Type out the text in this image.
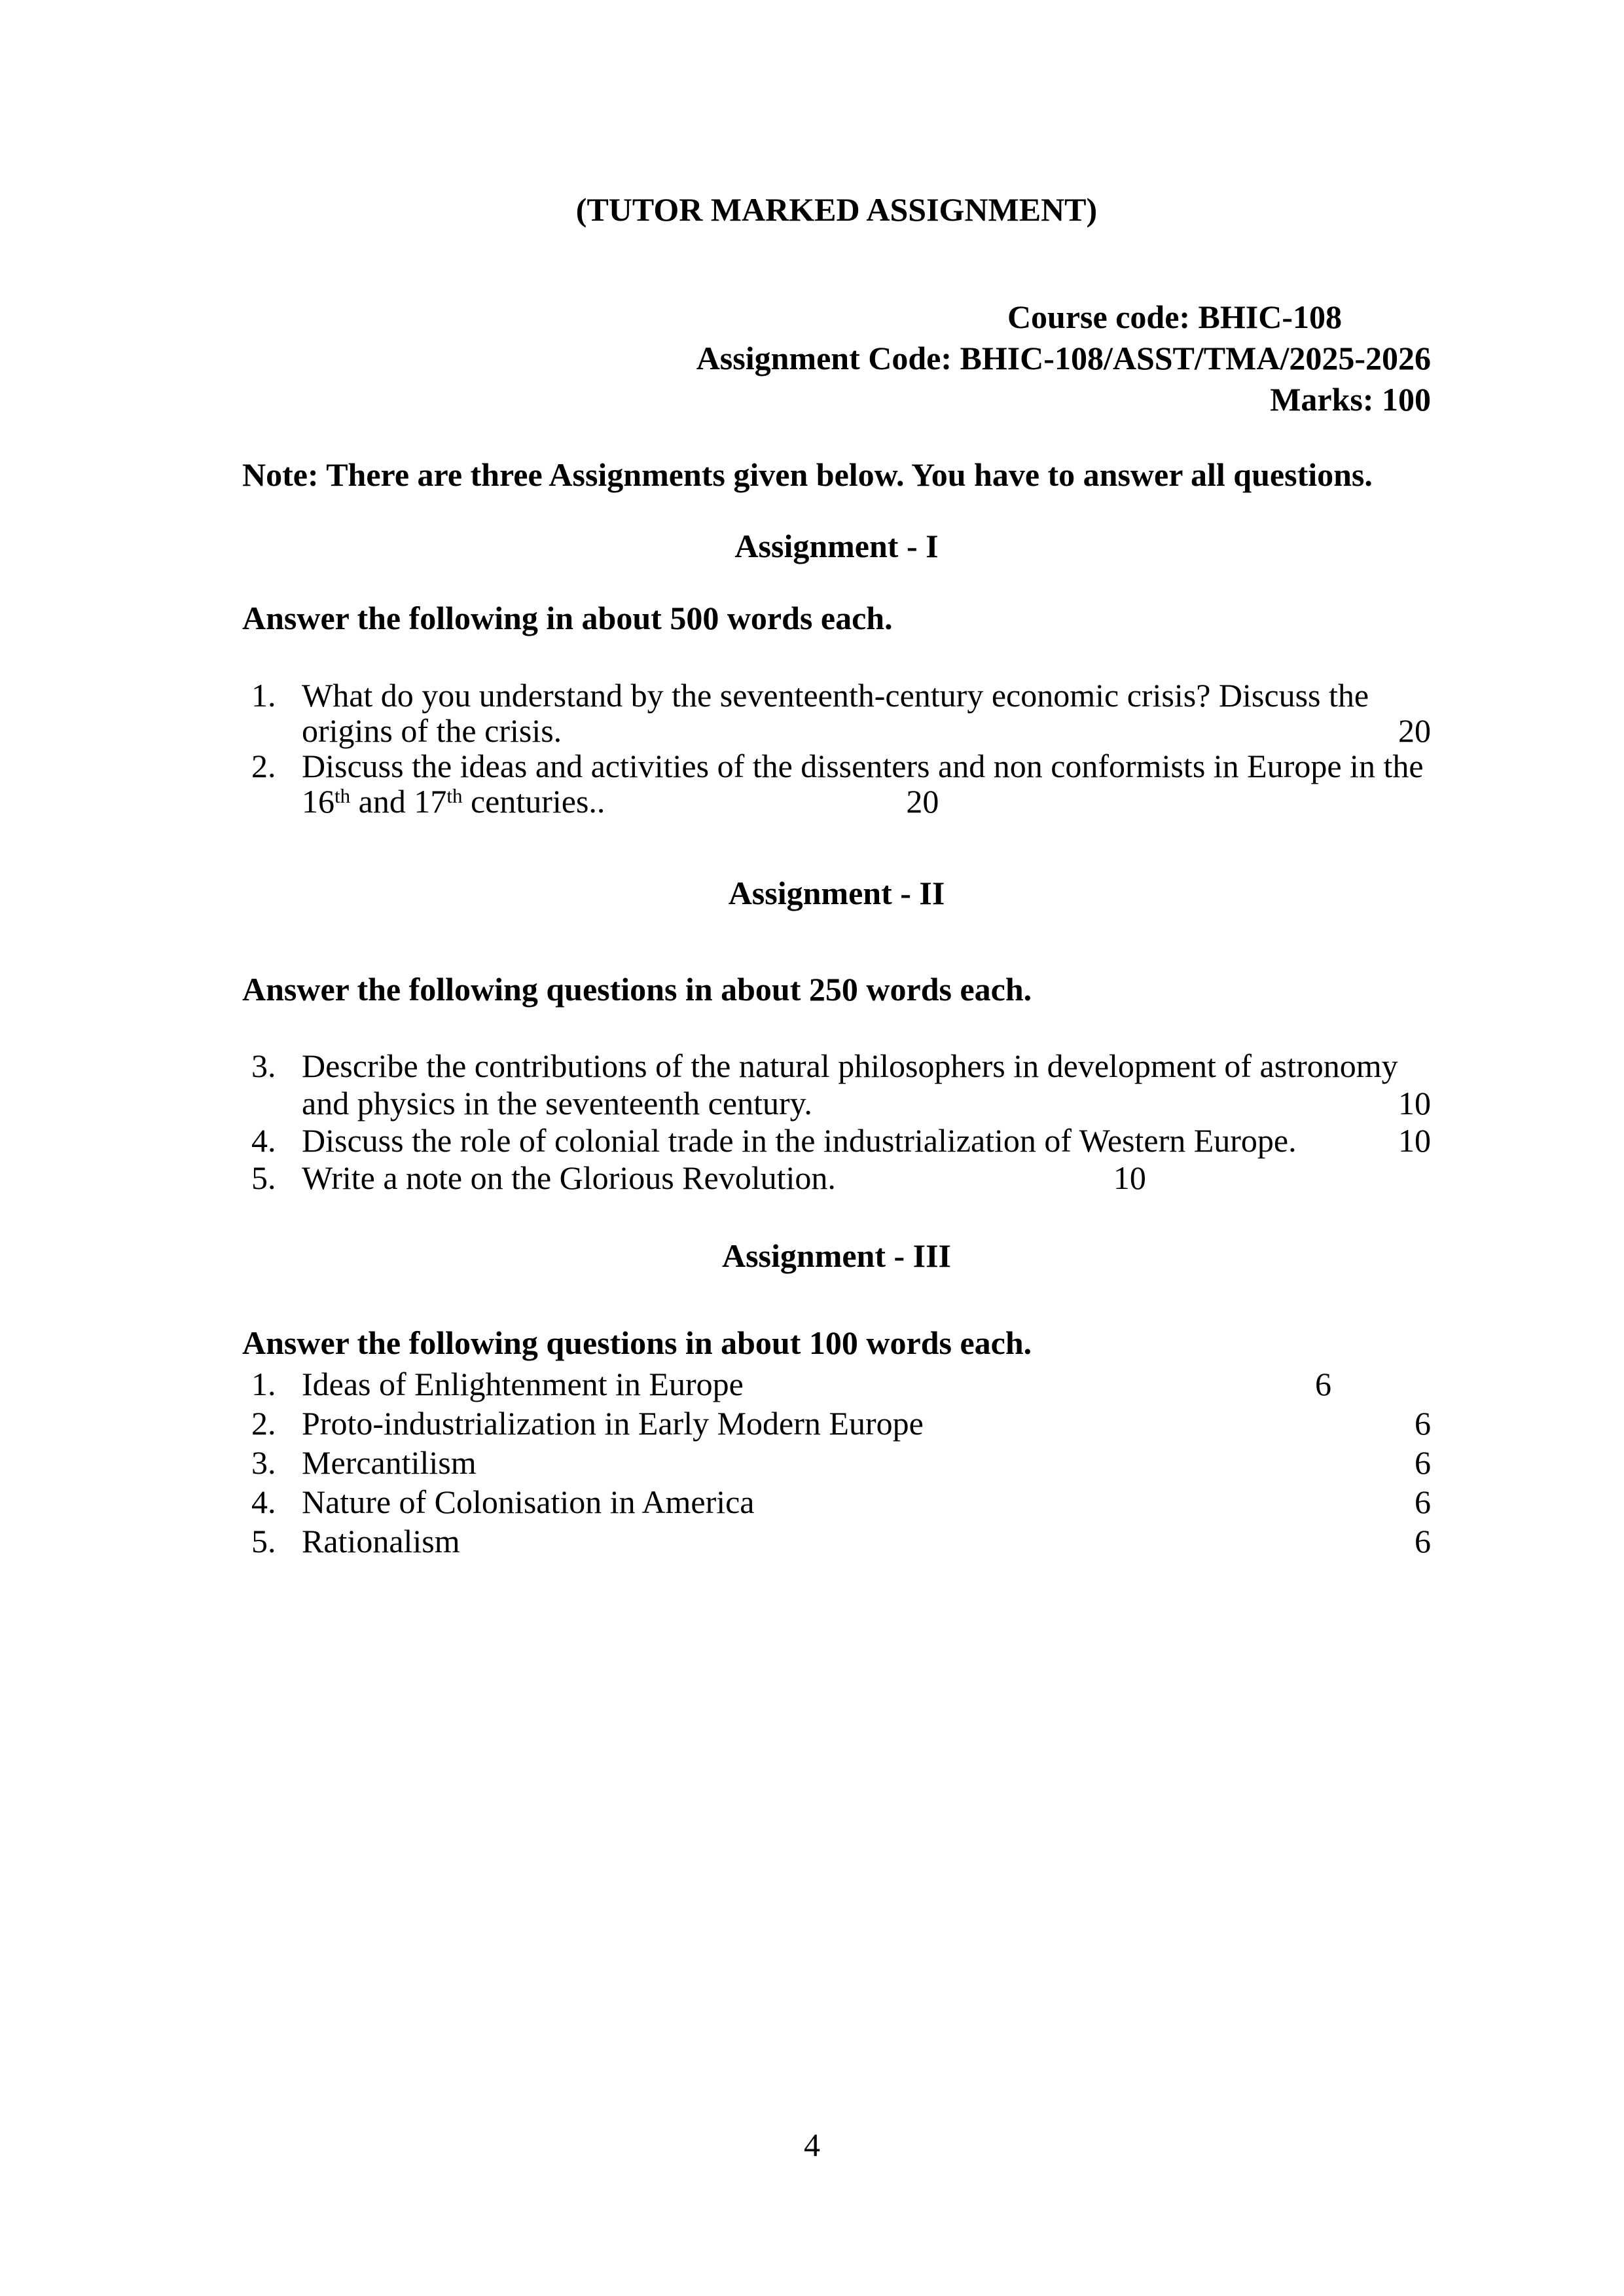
(TUTOR MARKED ASSIGNMENT)
Course code: BHIC-108
Assignment Code: BHIC-108/ASST/TMA/2025-2026
Marks: 100
Note: There are three Assignments given below. You have to answer all questions.
Assignment - I
Answer the following in about 500 words each.
1. What do you understand by the seventeenth-century economic crisis? Discuss the
origins of the crisis.	20
2. Discuss the ideas and activities of the dissenters and non conformists in Europe in the
16th and 17th centuries..	20
Assignment - II
Answer the following questions in about 250 words each.
3. Describe the contributions of the natural philosophers in development of astronomy
and physics in the seventeenth century.	10
4. Discuss the role of colonial trade in the industrialization of Western Europe.	10
5. Write a note on the Glorious Revolution.	10
Assignment - III
Answer the following questions in about 100 words each.
1. Ideas of Enlightenment in Europe	6
2. Proto-industrialization in Early Modern Europe	6
3. Mercantilism	6
4. Nature of Colonisation in America	6
5. Rationalism	6
4
